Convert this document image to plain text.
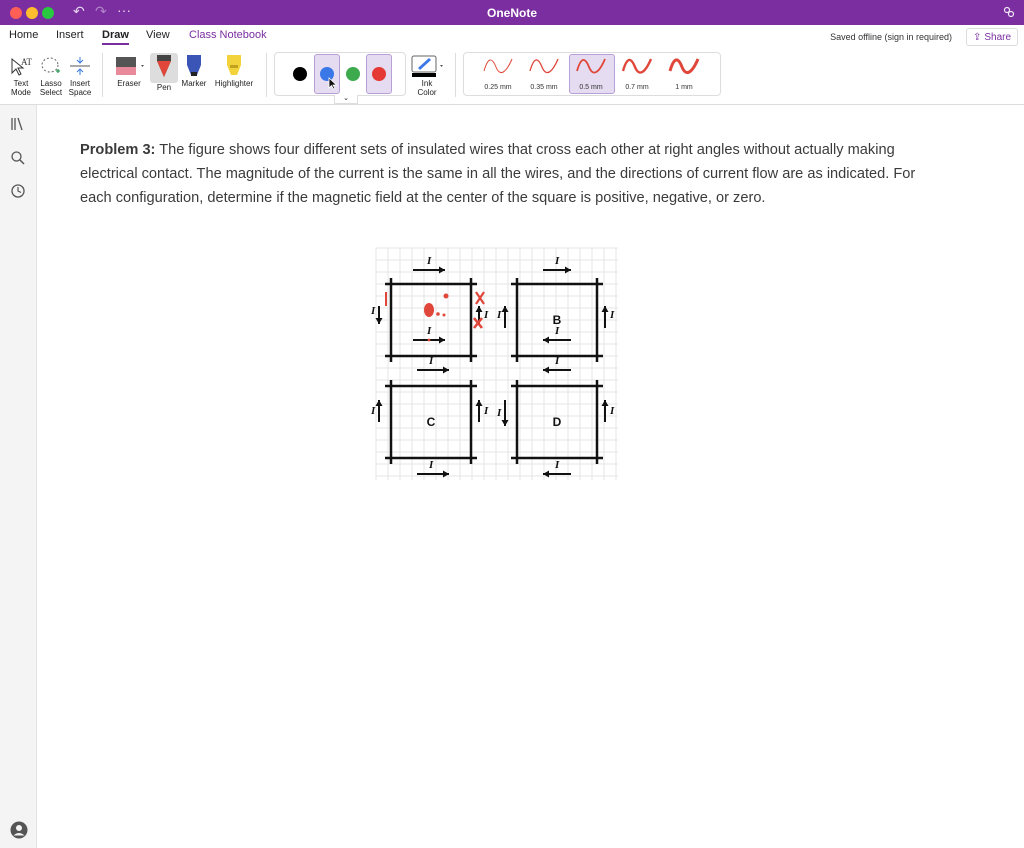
↶ ↷ ···	OneNote
Home Insert Draw View Class Notebook	Saved offline (sign in required) ⇪ Share
AT
Text
Mode
Lasso
Select
Insert
Space
Eraser	Pen	Marker	Highlighter
⌄
Ink
Color
0.25 mm	0.35 mm	0.5 mm	0.7 mm	1 mm
Problem 3: The figure shows four different sets of insulated wires that cross each other at right angles without actually making electrical contact. The magnitude of the current is the same in all the wires, and the directions of current flow are as indicated. For each configuration, determine if the magnetic field at the center of the square is positive, negative, or zero.
B
C	D
I
I
I	I
I
I
I	I
I
I
I	I
I
I
I	I
